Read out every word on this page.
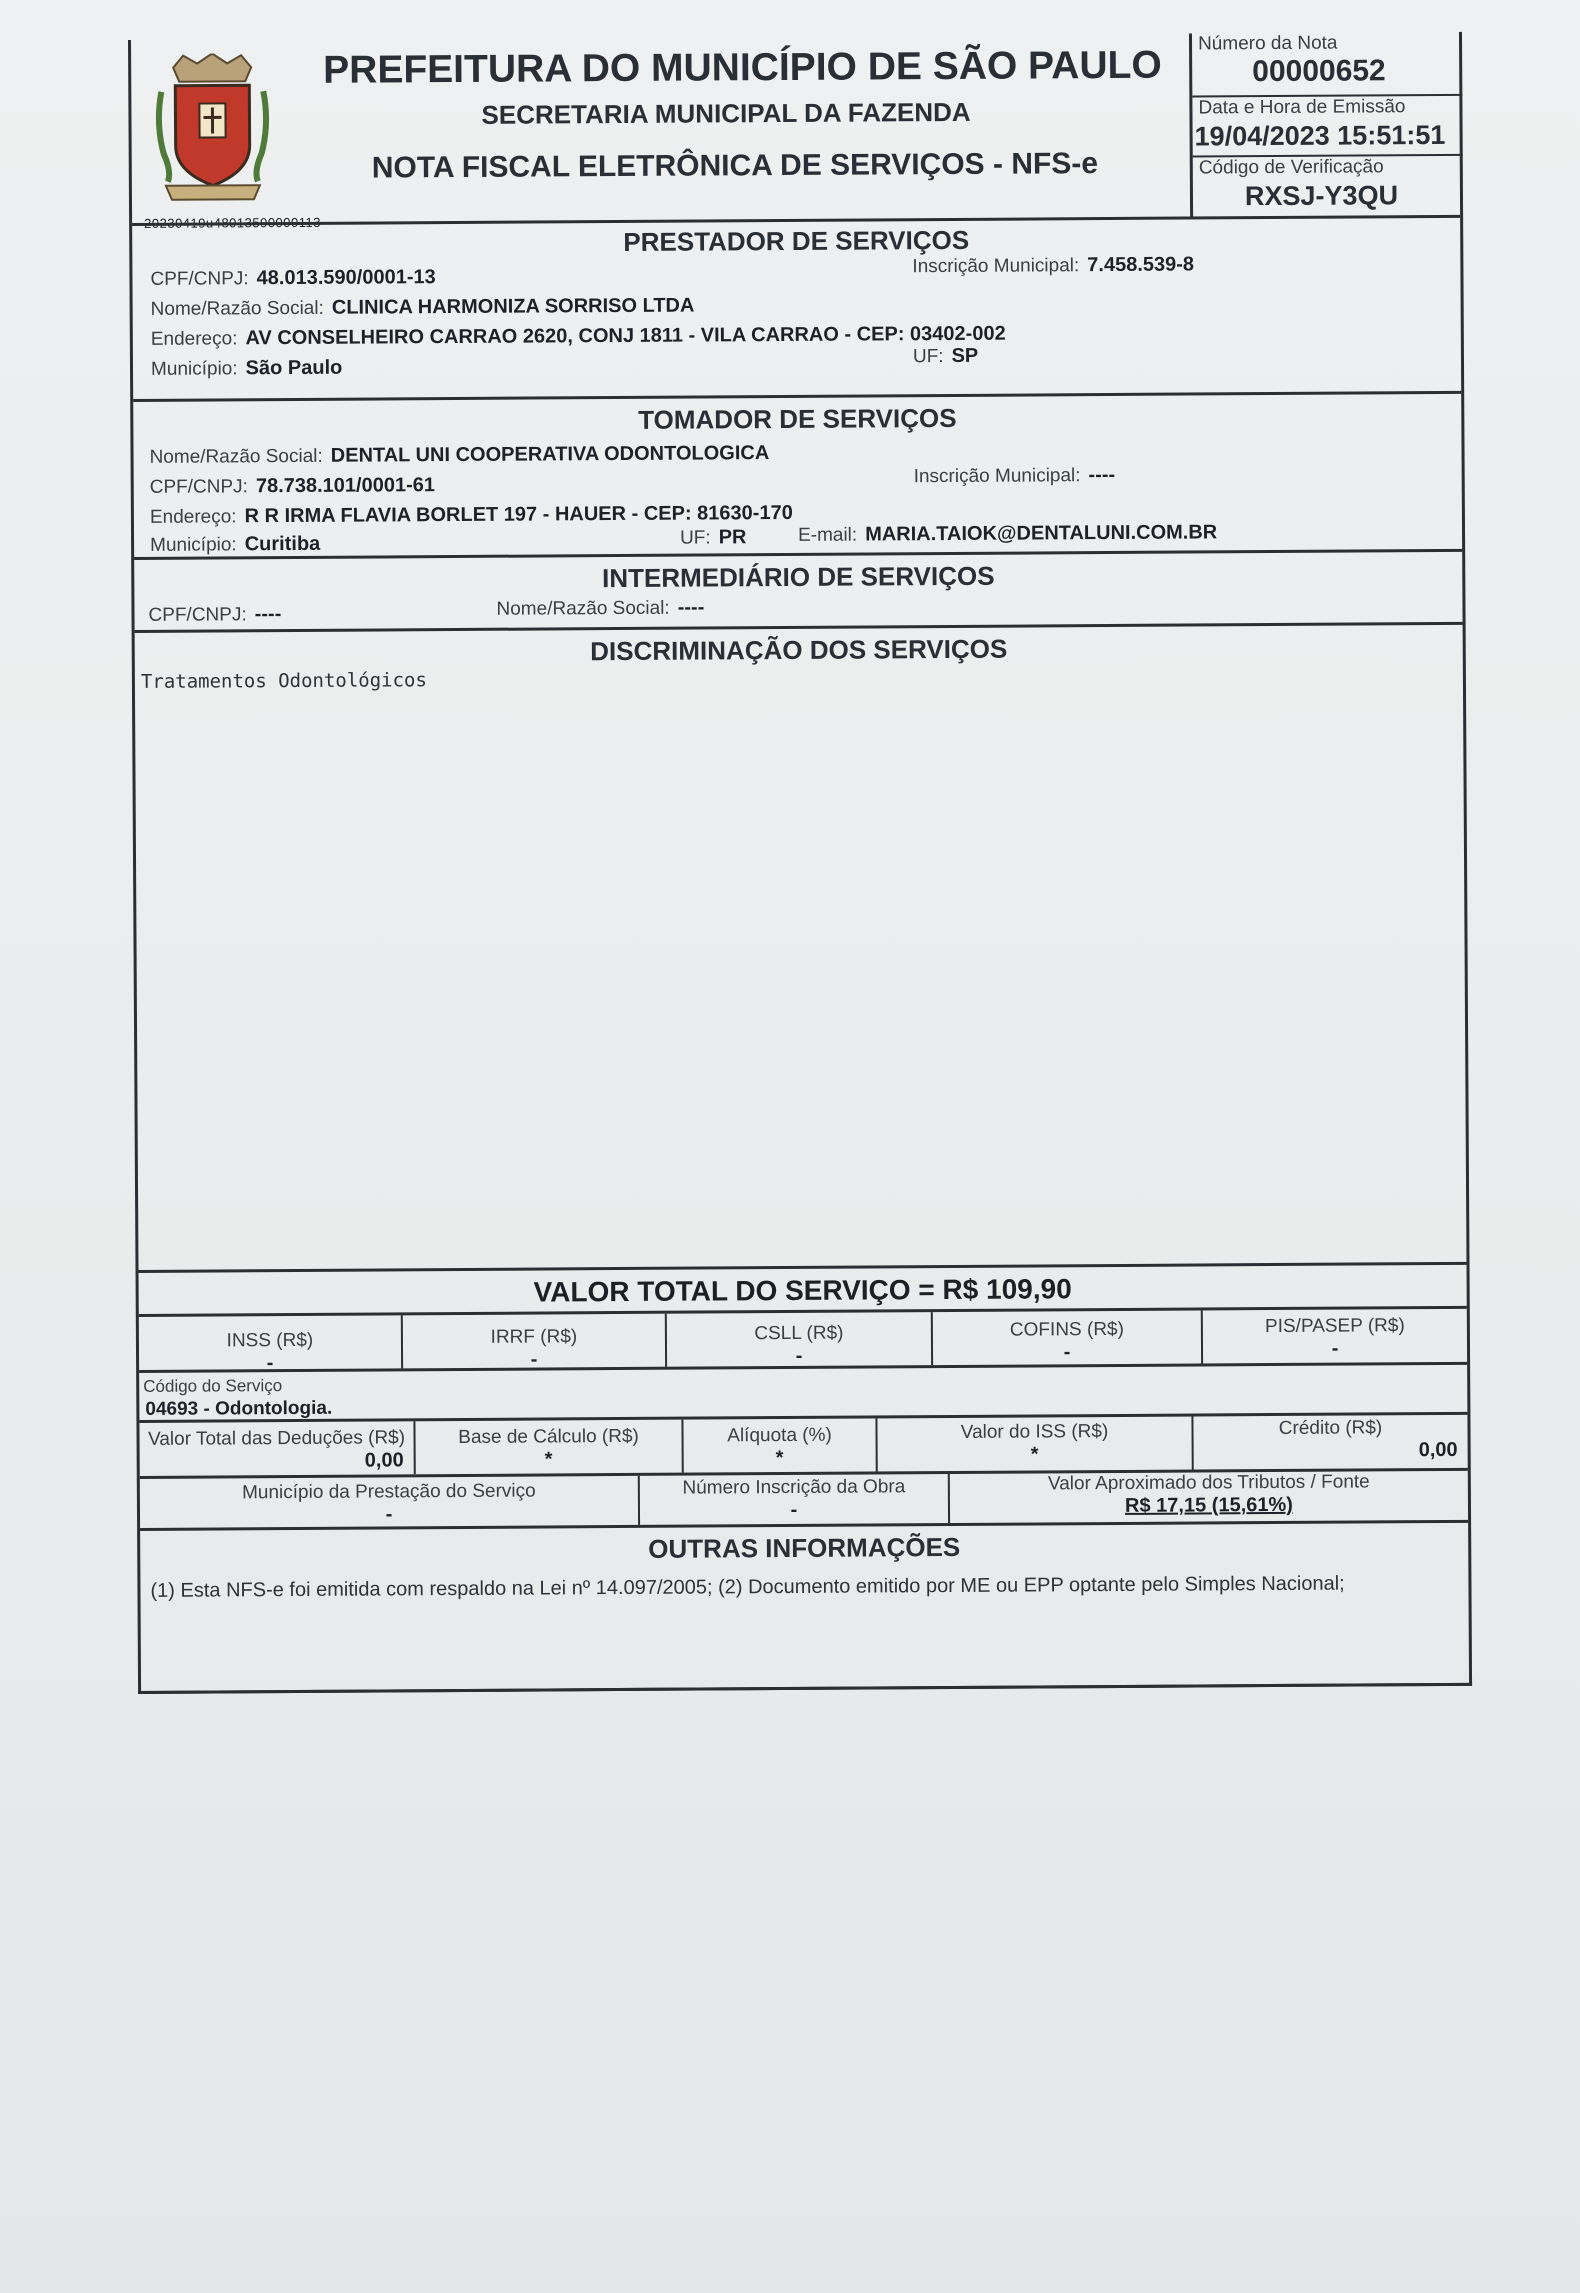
20230419u48013590000113
PREFEITURA DO MUNICÍPIO DE SÃO PAULO
SECRETARIA MUNICIPAL DA FAZENDA
NOTA FISCAL ELETRÔNICA DE SERVIÇOS - NFS-e
Número da Nota
00000652
Data e Hora de Emissão
19/04/2023 15:51:51
Código de Verificação
RXSJ-Y3QU
PRESTADOR DE SERVIÇOS
CPF/CNPJ: 48.013.590/0001-13	Inscrição Municipal: 7.458.539-8
Nome/Razão Social: CLINICA HARMONIZA SORRISO LTDA
Endereço: AV CONSELHEIRO CARRAO 2620, CONJ 1811 - VILA CARRAO - CEP: 03402-002
Município: São Paulo
UF: SP
TOMADOR DE SERVIÇOS
Nome/Razão Social: DENTAL UNI COOPERATIVA ODONTOLOGICA
CPF/CNPJ: 78.738.101/0001-61	Inscrição Municipal: ----
Endereço: R R IRMA FLAVIA BORLET 197 - HAUER - CEP: 81630-170
Município: Curitiba	UF: PR	E-mail: MARIA.TAIOK@DENTALUNI.COM.BR
INTERMEDIÁRIO DE SERVIÇOS
CPF/CNPJ: ----	Nome/Razão Social: ----
DISCRIMINAÇÃO DOS SERVIÇOS
Tratamentos Odontológicos
VALOR TOTAL DO SERVIÇO = R$ 109,90
INSS (R$)
-
IRRF (R$)
-
CSLL (R$)
-
COFINS (R$)
-
PIS/PASEP (R$)
-
Código do Serviço
04693 - Odontologia.
Valor Total das Deduções (R$)
0,00
Base de Cálculo (R$)
*
Alíquota (%)
*
Valor do ISS (R$)
*
Crédito (R$)
0,00
Município da Prestação do Serviço
-
Número Inscrição da Obra
-
Valor Aproximado dos Tributos / Fonte
R$ 17,15 (15,61%)
OUTRAS INFORMAÇÕES
(1) Esta NFS-e foi emitida com respaldo na Lei nº 14.097/2005; (2) Documento emitido por ME ou EPP optante pelo Simples Nacional;
